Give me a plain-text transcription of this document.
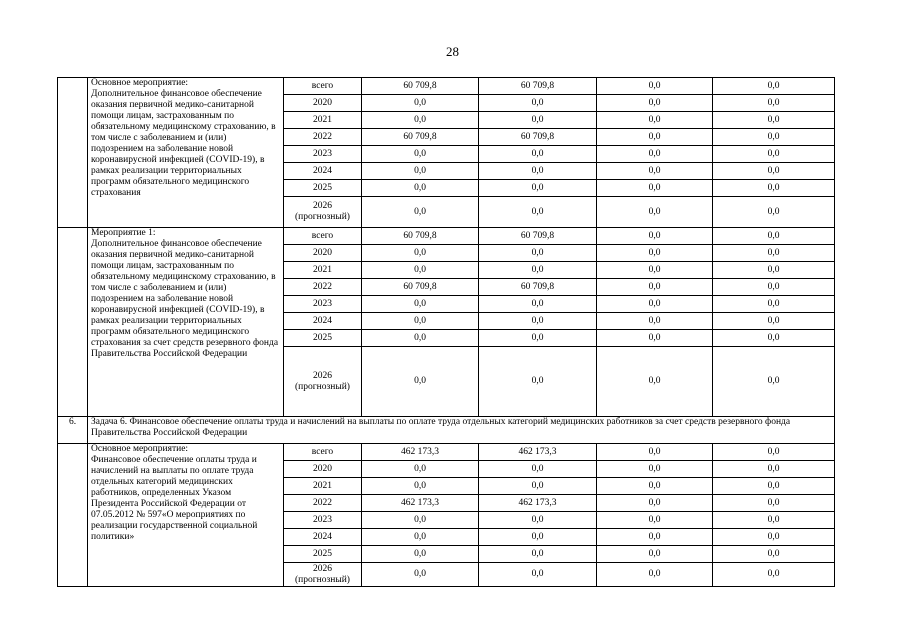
28
	Основное мероприятие:
Дополнительное финансовое обеспечение оказания первичной медико-санитарной помощи лицам, застрахованным по обязательному медицинскому страхованию, в том числе с заболеванием и (или) подозрением на заболевание новой коронавирусной инфекцией (COVID-19), в рамках реализации территориальных программ обязательного медицинского страхования	всего	60 709,8	60 709,8	0,0	0,0
		2020	0,0	0,0	0,0	0,0
		2021	0,0	0,0	0,0	0,0
		2022	60 709,8	60 709,8	0,0	0,0
		2023	0,0	0,0	0,0	0,0
		2024	0,0	0,0	0,0	0,0
		2025	0,0	0,0	0,0	0,0
		2026
(прогнозный)	0,0	0,0	0,0	0,0
	Мероприятие 1:
Дополнительное финансовое обеспечение оказания первичной медико-санитарной помощи лицам, застрахованным по обязательному медицинскому страхованию, в том числе с заболеванием и (или) подозрением на заболевание новой коронавирусной инфекцией (COVID-19), в рамках реализации территориальных программ обязательного медицинского страхования за счет средств резервного фонда Правительства Российской Федерации	всего	60 709,8	60 709,8	0,0	0,0
		2020	0,0	0,0	0,0	0,0
		2021	0,0	0,0	0,0	0,0
		2022	60 709,8	60 709,8	0,0	0,0
		2023	0,0	0,0	0,0	0,0
		2024	0,0	0,0	0,0	0,0
		2025	0,0	0,0	0,0	0,0
		2026
(прогнозный)	0,0	0,0	0,0	0,0
6.	Задача 6. Финансовое обеспечение оплаты труда и начислений на выплаты по оплате труда отдельных категорий медицинских работников за счет средств резервного фонда Правительства Российской Федерации					
	Основное мероприятие:
Финансовое обеспечение оплаты труда и начислений на выплаты по оплате труда отдельных категорий медицинских работников, определенных Указом Президента Российской Федерации от 07.05.2012 № 597«О мероприятиях по реализации государственной социальной политики»	всего	462 173,3	462 173,3	0,0	0,0
		2020	0,0	0,0	0,0	0,0
		2021	0,0	0,0	0,0	0,0
		2022	462 173,3	462 173,3	0,0	0,0
		2023	0,0	0,0	0,0	0,0
		2024	0,0	0,0	0,0	0,0
		2025	0,0	0,0	0,0	0,0
		2026
(прогнозный)	0,0	0,0	0,0	0,0
